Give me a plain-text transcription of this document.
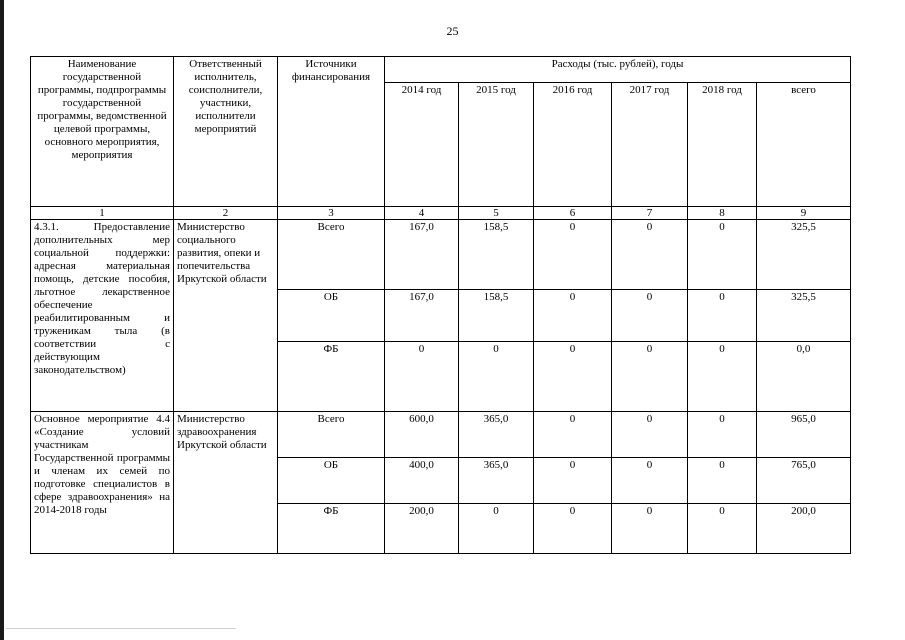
25
Наименование государственной программы, подпрограммы государственной программы, ведомственной целевой программы, основного мероприятия, мероприятия	Ответственный исполнитель, соисполнители, участники, исполнители мероприятий	Источники финансирования	Расходы (тыс. рублей), годы					
			2014 год	2015 год	2016 год	2017 год	2018 год	всего
1	2	3	4	5	6	7	8	9
4.3.1. Предоставление дополнительных мер социальной поддержки: адресная материальная помощь, детские пособия, льготное лекарственное обеспечение реабилитированным и труженикам тыла (в соответствии с действующим законодательством)	Министерство социального развития, опеки и попечительства Иркутской области	Всего	167,0	158,5	0	0	0	325,5
		ОБ	167,0	158,5	0	0	0	325,5
		ФБ	0	0	0	0	0	0,0
Основное мероприятие 4.4 «Создание условий участникам Государственной программы и членам их семей по подготовке специалистов в сфере здравоохранения» на 2014-2018 годы	Министерство здравоохранения Иркутской области	Всего	600,0	365,0	0	0	0	965,0
		ОБ	400,0	365,0	0	0	0	765,0
		ФБ	200,0	0	0	0	0	200,0
